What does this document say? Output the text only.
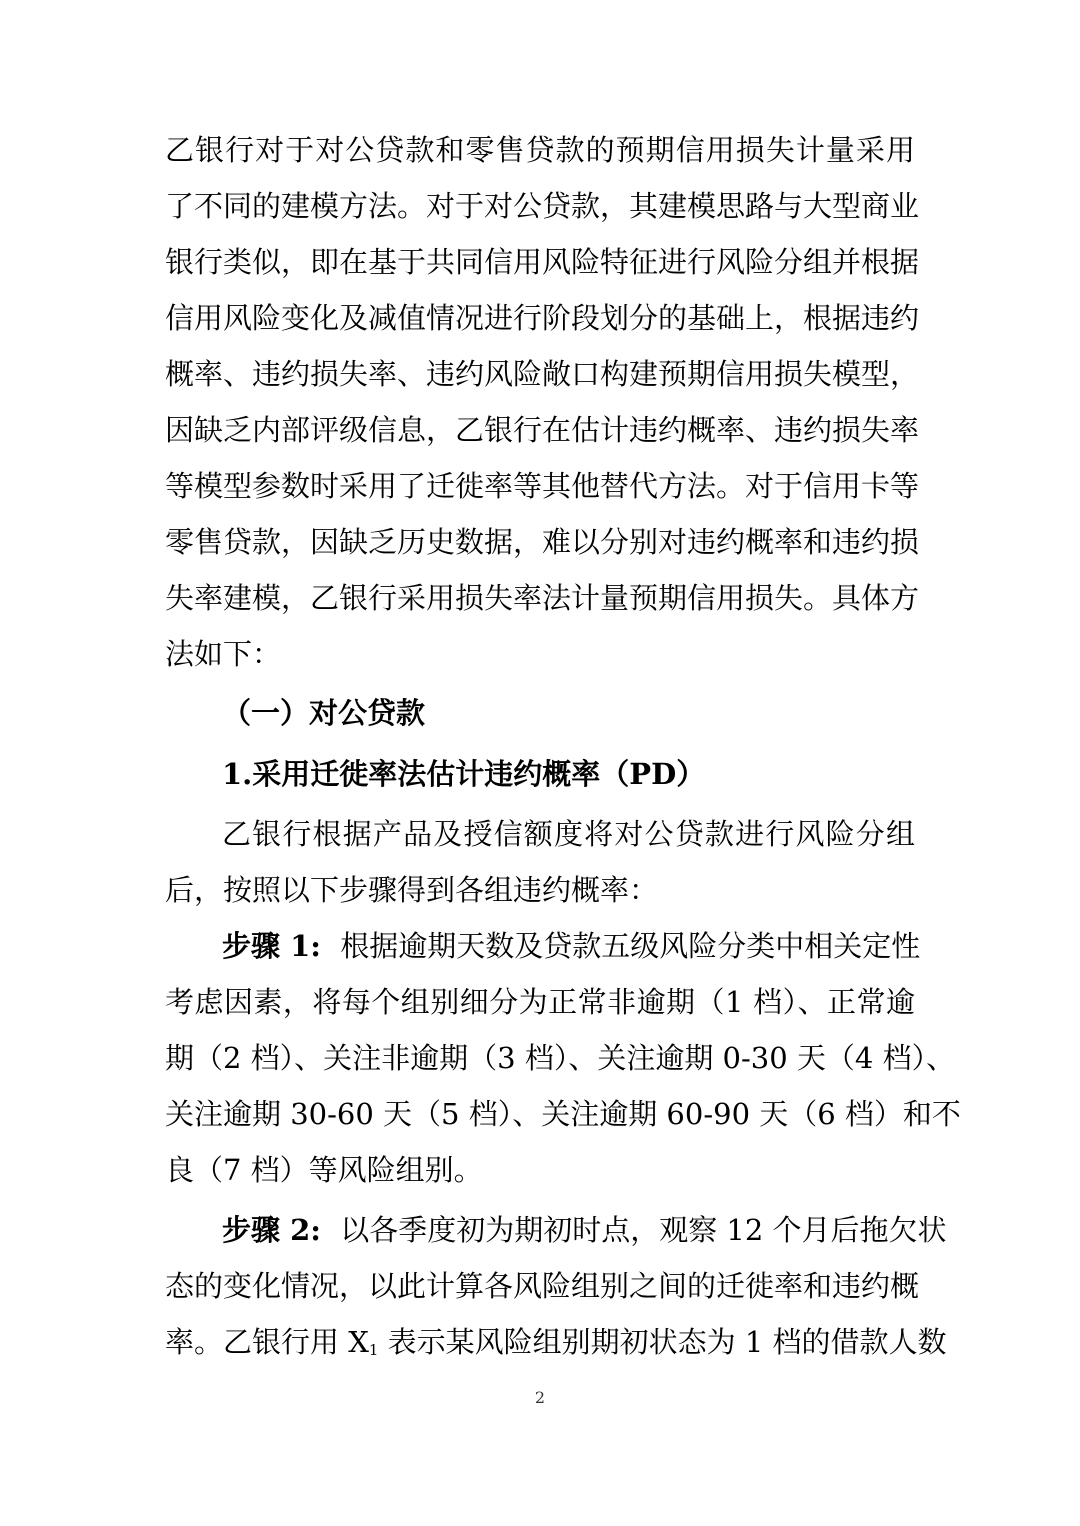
乙银行对于对公贷款和零售贷款的预期信用损失计量采用
了不同的建模方法。对于对公贷款，其建模思路与大型商业
银行类似，即在基于共同信用风险特征进行风险分组并根据
信用风险变化及减值情况进行阶段划分的基础上，根据违约
概率、违约损失率、违约风险敞口构建预期信用损失模型，
因缺乏内部评级信息，乙银行在估计违约概率、违约损失率
等模型参数时采用了迁徙率等其他替代方法。对于信用卡等
零售贷款，因缺乏历史数据，难以分别对违约概率和违约损
失率建模，乙银行采用损失率法计量预期信用损失。具体方
法如下：
（一）对公贷款
1.采用迁徙率法估计违约概率（PD）
乙银行根据产品及授信额度将对公贷款进行风险分组
后，按照以下步骤得到各组违约概率：
步骤 1: 根据逾期天数及贷款五级风险分类中相关定性
考虑因素，将每个组别细分为正常非逾期（1 档）、正常逾
期（2 档）、关注非逾期（3 档）、关注逾期 0-30 天（4 档）、
关注逾期 30-60 天（5 档）、关注逾期 60-90 天（6 档）和不
良（7 档）等风险组别。
步骤 2: 以各季度初为期初时点，观察 12 个月后拖欠状
态的变化情况，以此计算各风险组别之间的迁徙率和违约概
率。乙银行用 $X_1$ 表示某风险组别期初状态为 1 档的借款人数
2
